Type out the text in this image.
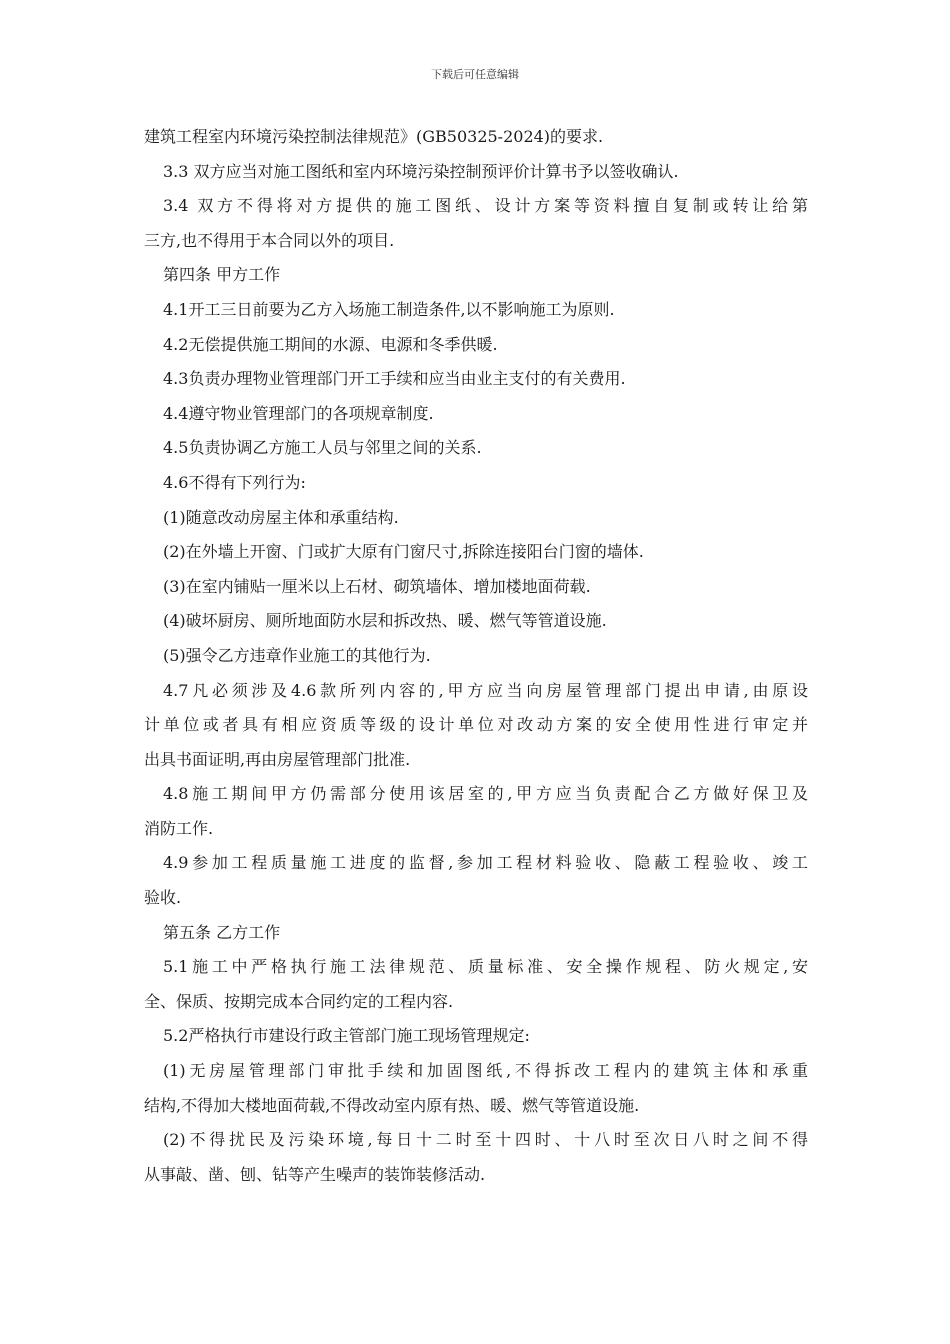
下载后可任意编辑
建筑工程室内环境污染控制法律规范》(GB50325-2024)的要求.
3.3 双方应当对施工图纸和室内环境污染控制预评价计算书予以签收确认.
3.4 双方不得将对方提供的施工图纸、设计方案等资料擅自复制或转让给第
三方,也不得用于本合同以外的项目.
第四条 甲方工作
4.1开工三日前要为乙方入场施工制造条件,以不影响施工为原则.
4.2无偿提供施工期间的水源、电源和冬季供暖.
4.3负责办理物业管理部门开工手续和应当由业主支付的有关费用.
4.4遵守物业管理部门的各项规章制度.
4.5负责协调乙方施工人员与邻里之间的关系.
4.6不得有下列行为:
(1)随意改动房屋主体和承重结构.
(2)在外墙上开窗、门或扩大原有门窗尺寸,拆除连接阳台门窗的墙体.
(3)在室内铺贴一厘米以上石材、砌筑墙体、增加楼地面荷载.
(4)破坏厨房、厕所地面防水层和拆改热、暖、燃气等管道设施.
(5)强令乙方违章作业施工的其他行为.
4.7凡必须涉及4.6款所列内容的,甲方应当向房屋管理部门提出申请,由原设
计单位或者具有相应资质等级的设计单位对改动方案的安全使用性进行审定并
出具书面证明,再由房屋管理部门批准.
4.8施工期间甲方仍需部分使用该居室的,甲方应当负责配合乙方做好保卫及
消防工作.
4.9参加工程质量施工进度的监督,参加工程材料验收、隐蔽工程验收、竣工
验收.
第五条 乙方工作
5.1施工中严格执行施工法律规范、质量标准、安全操作规程、防火规定,安
全、保质、按期完成本合同约定的工程内容.
5.2严格执行市建设行政主管部门施工现场管理规定:
(1)无房屋管理部门审批手续和加固图纸,不得拆改工程内的建筑主体和承重
结构,不得加大楼地面荷载,不得改动室内原有热、暖、燃气等管道设施.
(2)不得扰民及污染环境,每日十二时至十四时、十八时至次日八时之间不得
从事敲、凿、刨、钻等产生噪声的装饰装修活动.
